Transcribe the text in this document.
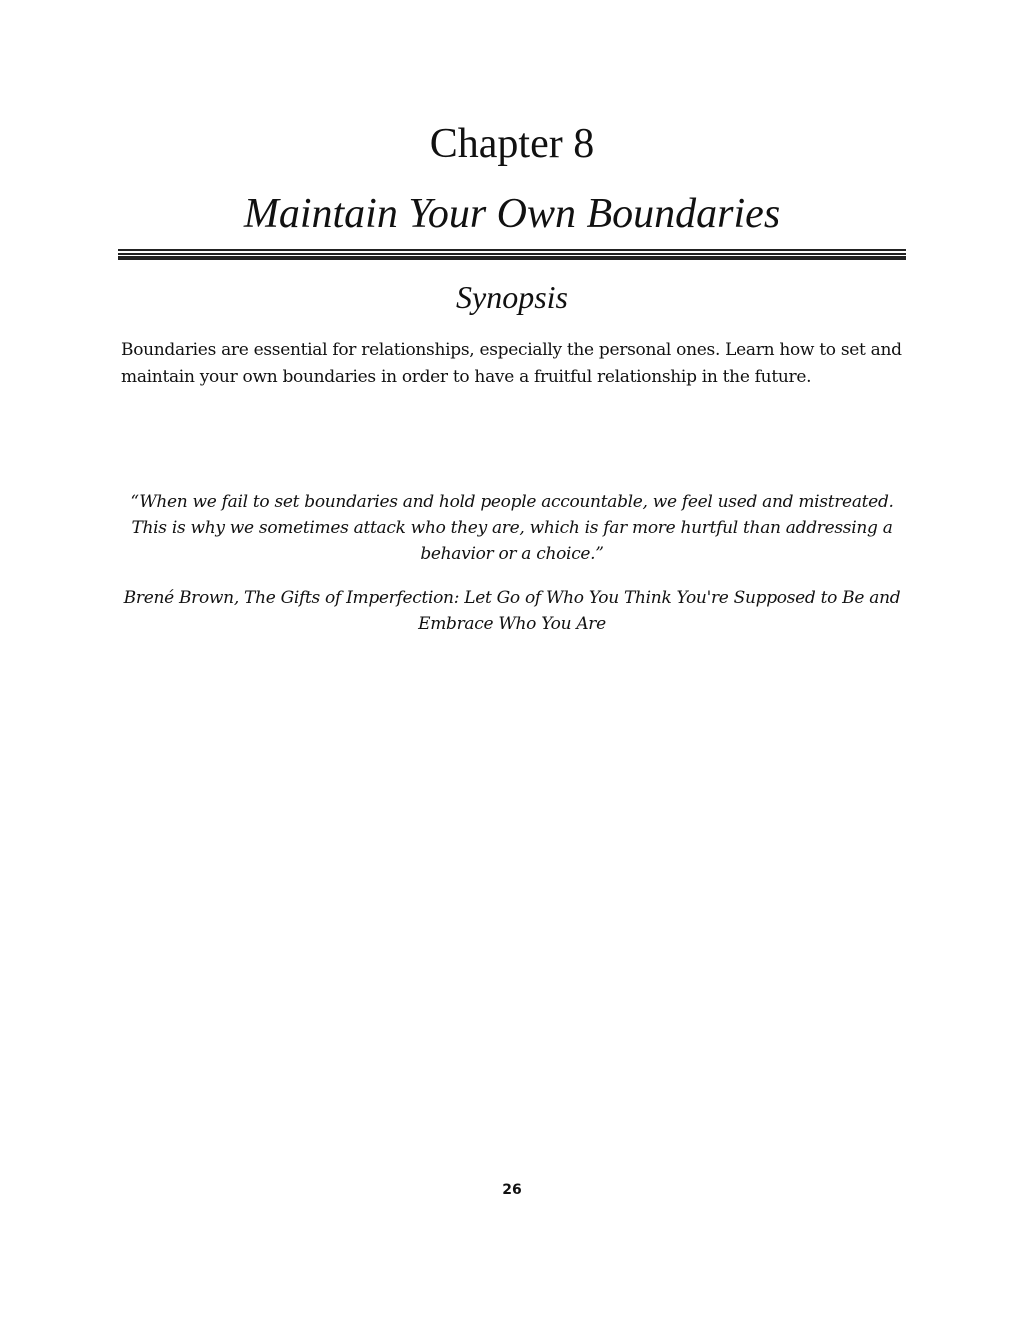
Chapter 8
Maintain Your Own Boundaries
Synopsis

Boundaries are essential for relationships, especially the personal ones. Learn how to set and maintain your own boundaries in order to have a fruitful relationship in the future.

“When we fail to set boundaries and hold people accountable, we feel used and mistreated. This is why we sometimes attack who they are, which is far more hurtful than addressing a behavior or a choice.”

Brené Brown, The Gifts of Imperfection: Let Go of Who You Think You're Supposed to Be and Embrace Who You Are

26
